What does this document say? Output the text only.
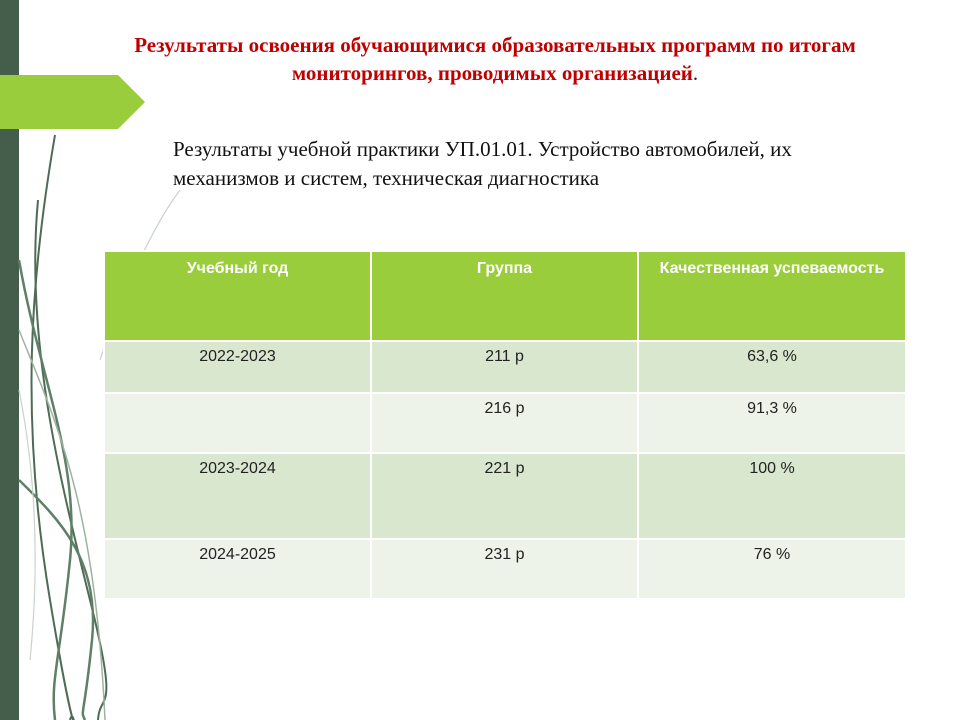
Результаты освоения обучающимися образовательных программ по итогам мониторингов, проводимых организацией.
Результаты учебной практики УП.01.01. Устройство автомобилей, их механизмов и систем, техническая диагностика
Учебный год	Группа	Качественная успеваемость
2022-2023	211 р	63,6 %
	216 р	91,3 %
2023-2024	221 р	100 %
2024-2025	231 р	76 %
